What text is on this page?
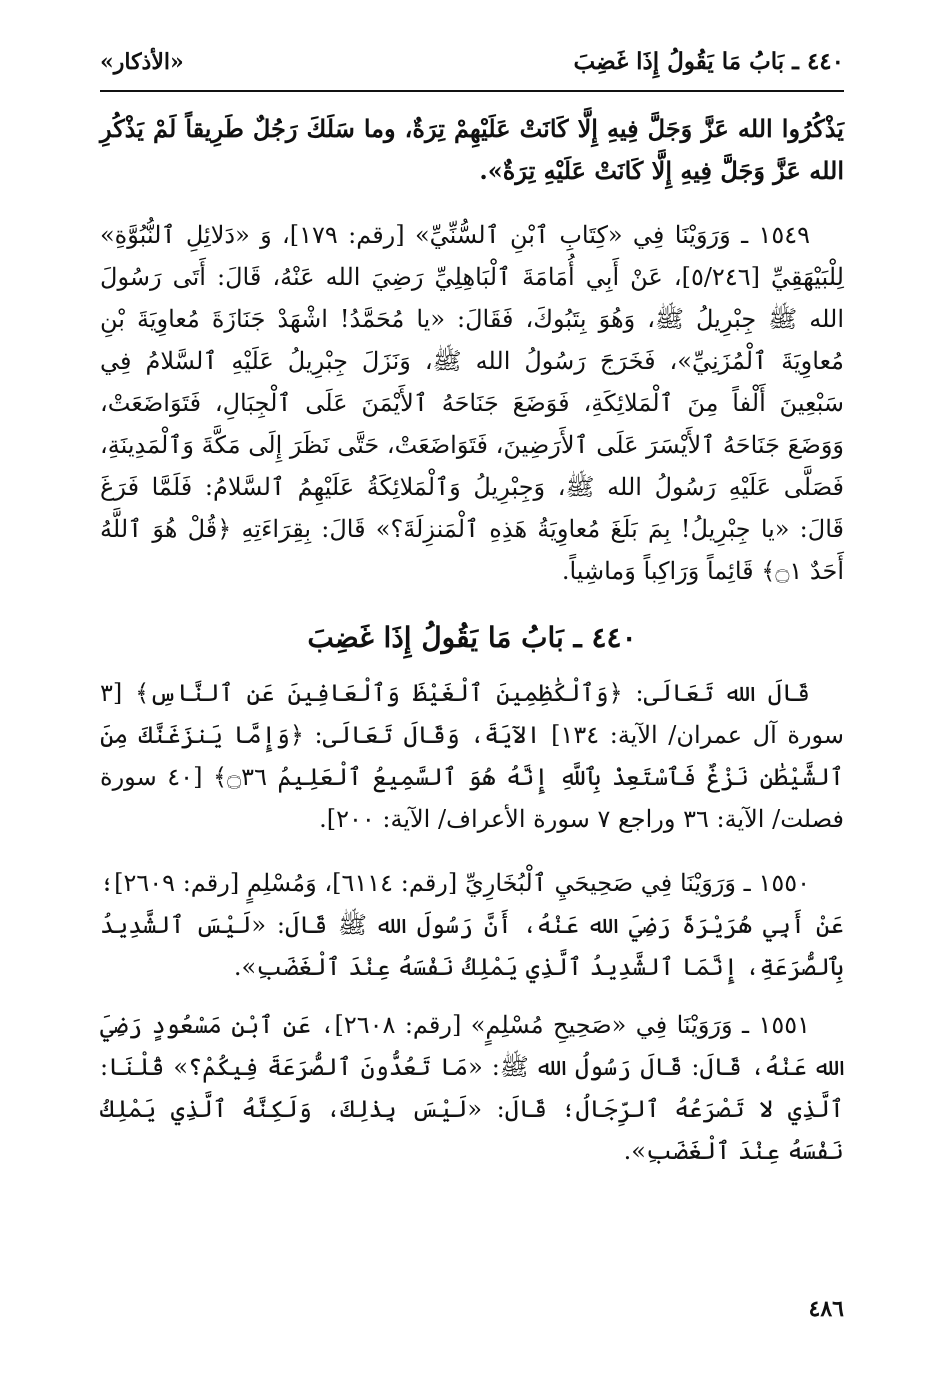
٤٤٠ ـ بَابُ مَا يَقُولُ إِذَا غَضِبَ
«الأذكار»

يَذْكُرُوا الله عَزَّ وَجَلَّ فِيهِ إِلَّا كَانَتْ عَلَيْهِمْ تِرَةٌ، وما سَلَكَ رَجُلٌ طَرِيقاً لَمْ يَذْكُرِ الله عَزَّ وَجَلَّ فِيهِ إِلَّا كَانَتْ عَلَيْهِ تِرَةٌ».

١٥٤٩ ـ وَرَوَيْنَا فِي «كِتَابِ ٱبْنِ ٱلسُّنِّيِّ» [رقم: ١٧٩]، وَ «دَلائِلِ ٱلنُّبُوَّةِ» لِلْبَيْهَقِيِّ [٥/٢٤٦]، عَنْ أَبِي أُمَامَةَ ٱلْبَاهِلِيِّ رَضِيَ الله عَنْهُ، قَالَ: أَتَى رَسُولَ الله ﷺ جِبْرِيلُ ﷺ، وَهُوَ بِتَبُوكَ، فَقَالَ: «يا مُحَمَّدُ! اشْهَدْ جَنَازَةَ مُعاوِيَةَ بْنِ مُعاوِيَةَ ٱلْمُزَنِيِّ»، فَخَرَجَ رَسُولُ الله ﷺ، وَنَزَلَ جِبْرِيلُ عَلَيْهِ ٱلسَّلامُ فِي سَبْعِينَ أَلْفاً مِنَ ٱلْمَلائِكَةِ، فَوَضَعَ جَنَاحَهُ ٱلأَيْمَنَ عَلَى ٱلْجِبَالِ، فَتَوَاضَعَتْ، وَوَضَعَ جَنَاحَهُ ٱلأَيْسَرَ عَلَى ٱلأَرَضِينَ، فَتَوَاضَعَتْ، حَتَّى نَظَرَ إِلَى مَكَّةَ وَٱلْمَدِينَةِ، فَصَلَّى عَلَيْهِ رَسُولُ الله ﷺ، وَجِبْرِيلُ وَٱلْمَلائِكَةُ عَلَيْهِمُ ٱلسَّلامُ: فَلَمَّا فَرَغَ قَالَ: «يا جِبْرِيلُ! بِمَ بَلَغَ مُعاوِيَةُ هَذِهِ ٱلْمَنزِلَةَ؟» قَالَ: بِقِرَاءَتِهِ ﴿قُلْ هُوَ ٱللَّهُ أَحَدٌ ۝١﴾ قَائِماً وَرَاكِباً وَماشِياً.

٤٤٠ ـ بَابُ مَا يَقُولُ إِذَا غَضِبَ

قَالَ الله تَعَالَى: ﴿وَٱلْكَٰظِمِينَ ٱلْغَيْظَ وَٱلْعَافِينَ عَنِ ٱلنَّاسِ﴾ [٣ سورة آل عمران/ الآية: ١٣٤] الآيَةَ، وَقَالَ تَعَالَى: ﴿وَإِمَّا يَنزَغَنَّكَ مِنَ ٱلشَّيْطَٰنِ نَزْغٌ فَٱسْتَعِذْ بِٱللَّهِ إِنَّهُ هُوَ ٱلسَّمِيعُ ٱلْعَلِيمُ ۝٣٦﴾ [٤٠ سورة فصلت/ الآية: ٣٦ وراجع ٧ سورة الأعراف/ الآية: ٢٠٠].

١٥٥٠ ـ وَرَوَيْنَا فِي صَحِيحَيِ ٱلْبُخَارِيِّ [رقم: ٦١١٤]، وَمُسْلِمٍ [رقم: ٢٦٠٩]؛ عَنْ أَبِي هُرَيْرَةَ رَضِيَ الله عَنْهُ، أَنَّ رَسُولَ الله ﷺ قَالَ: «لَيْسَ ٱلشَّدِيدُ بِٱلصُّرَعَةِ، إِنَّمَا ٱلشَّدِيدُ ٱلَّذِي يَمْلِكُ نَفْسَهُ عِنْدَ ٱلْغَضَبِ».

١٥٥١ ـ وَرَوَيْنَا فِي «صَحِيحِ مُسْلِمٍ» [رقم: ٢٦٠٨]، عَنِ ٱبْنِ مَسْعُودٍ رَضِيَ الله عَنْهُ، قَالَ: قَالَ رَسُولُ الله ﷺ: «مَا تَعُدُّونَ ٱلصُّرَعَةَ فِيكُمْ؟» قُلْنَا: ٱلَّذِي لا تَصْرَعُهُ ٱلرِّجَالُ؛ قَالَ: «لَيْسَ بِذٰلِكَ، وَلَكِنَّهُ ٱلَّذِي يَمْلِكُ نَفْسَهُ عِنْدَ ٱلْغَضَبِ».

٤٨٦
